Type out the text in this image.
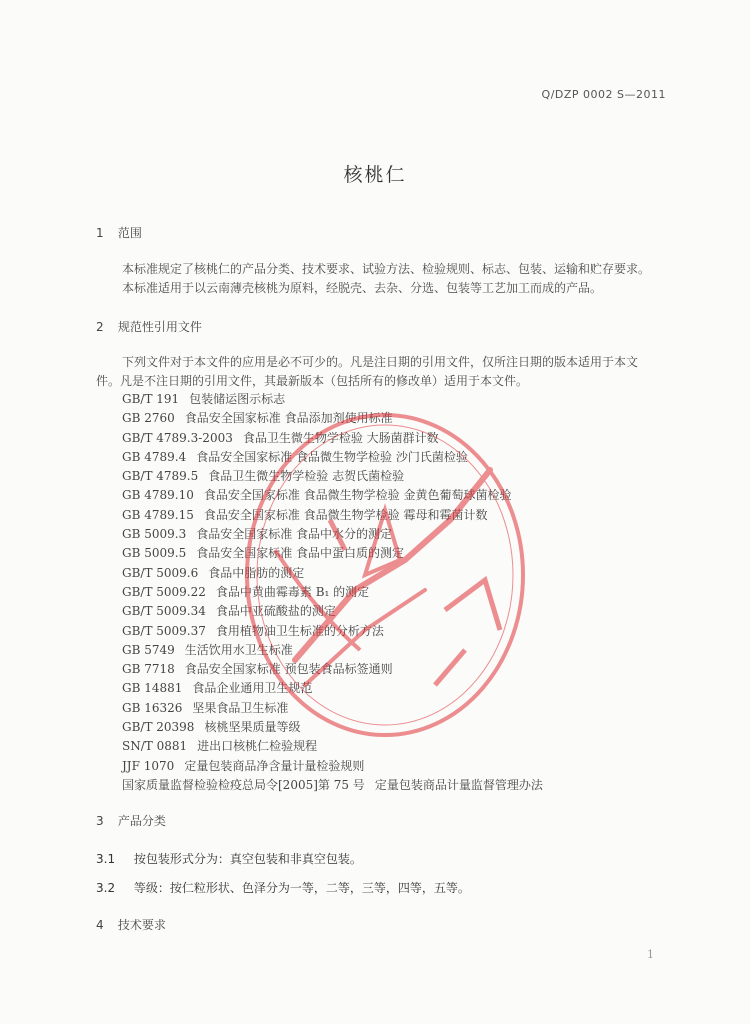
Q/DZP 0002 S—2011
核桃仁
1 范围
本标准规定了核桃仁的产品分类、技术要求、试验方法、检验规则、标志、包装、运输和贮存要求。
本标准适用于以云南薄壳核桃为原料，经脱壳、去杂、分选、包装等工艺加工而成的产品。
2 规范性引用文件
下列文件对于本文件的应用是必不可少的。凡是注日期的引用文件，仅所注日期的版本适用于本文
件。凡是不注日期的引用文件，其最新版本（包括所有的修改单）适用于本文件。
GB/T 191 包装储运图示标志
GB 2760 食品安全国家标准 食品添加剂使用标准
GB/T 4789.3-2003 食品卫生微生物学检验 大肠菌群计数
GB 4789.4 食品安全国家标准 食品微生物学检验 沙门氏菌检验
GB/T 4789.5 食品卫生微生物学检验 志贺氏菌检验
GB 4789.10 食品安全国家标准 食品微生物学检验 金黄色葡萄球菌检验
GB 4789.15 食品安全国家标准 食品微生物学检验 霉母和霉菌计数
GB 5009.3 食品安全国家标准 食品中水分的测定
GB 5009.5 食品安全国家标准 食品中蛋白质的测定
GB/T 5009.6 食品中脂肪的测定
GB/T 5009.22 食品中黄曲霉毒素 B₁ 的测定
GB/T 5009.34 食品中亚硫酸盐的测定
GB/T 5009.37 食用植物油卫生标准的分析方法
GB 5749 生活饮用水卫生标准
GB 7718 食品安全国家标准 预包装食品标签通则
GB 14881 食品企业通用卫生规范
GB 16326 坚果食品卫生标准
GB/T 20398 核桃坚果质量等级
SN/T 0881 进出口核桃仁检验规程
JJF 1070 定量包装商品净含量计量检验规则
国家质量监督检验检疫总局令[2005]第 75 号 定量包装商品计量监督管理办法
3 产品分类
3.1 按包装形式分为：真空包装和非真空包装。
3.2 等级：按仁粒形状、色泽分为一等，二等，三等，四等，五等。
4 技术要求
1
